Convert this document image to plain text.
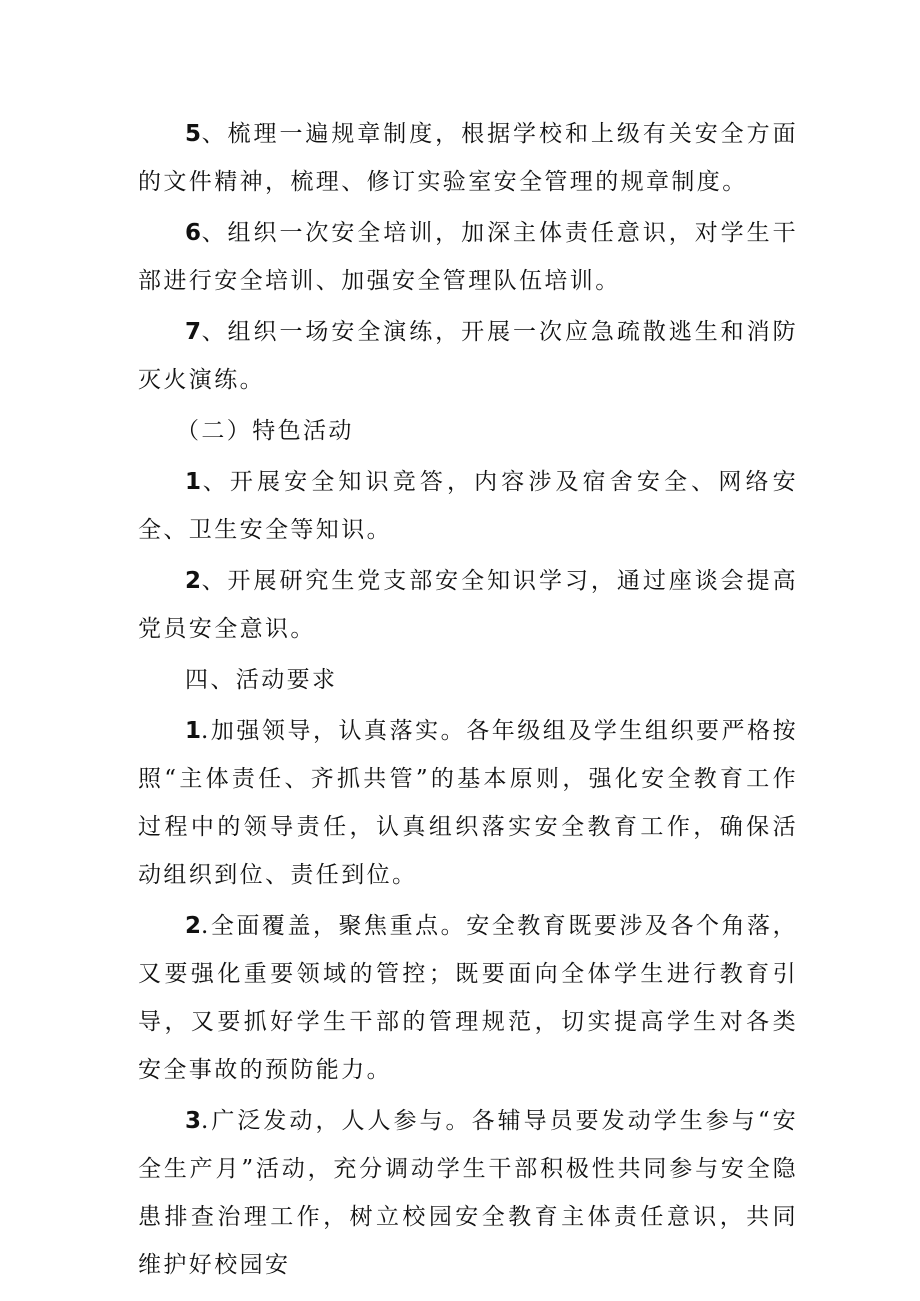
5、梳理一遍规章制度，根据学校和上级有关安全方面的文件精神，梳理、修订实验室安全管理的规章制度。

6、组织一次安全培训，加深主体责任意识，对学生干部进行安全培训、加强安全管理队伍培训。

7、组织一场安全演练，开展一次应急疏散逃生和消防灭火演练。

（二）特色活动

1、开展安全知识竞答，内容涉及宿舍安全、网络安全、卫生安全等知识。

2、开展研究生党支部安全知识学习，通过座谈会提高党员安全意识。

四、活动要求

1.加强领导，认真落实。各年级组及学生组织要严格按照“主体责任、齐抓共管”的基本原则，强化安全教育工作过程中的领导责任，认真组织落实安全教育工作，确保活动组织到位、责任到位。

2.全面覆盖，聚焦重点。安全教育既要涉及各个角落，又要强化重要领域的管控；既要面向全体学生进行教育引导，又要抓好学生干部的管理规范，切实提高学生对各类安全事故的预防能力。

3.广泛发动，人人参与。各辅导员要发动学生参与“安全生产月”活动，充分调动学生干部积极性共同参与安全隐患排查治理工作，树立校园安全教育主体责任意识，共同维护好校园安
